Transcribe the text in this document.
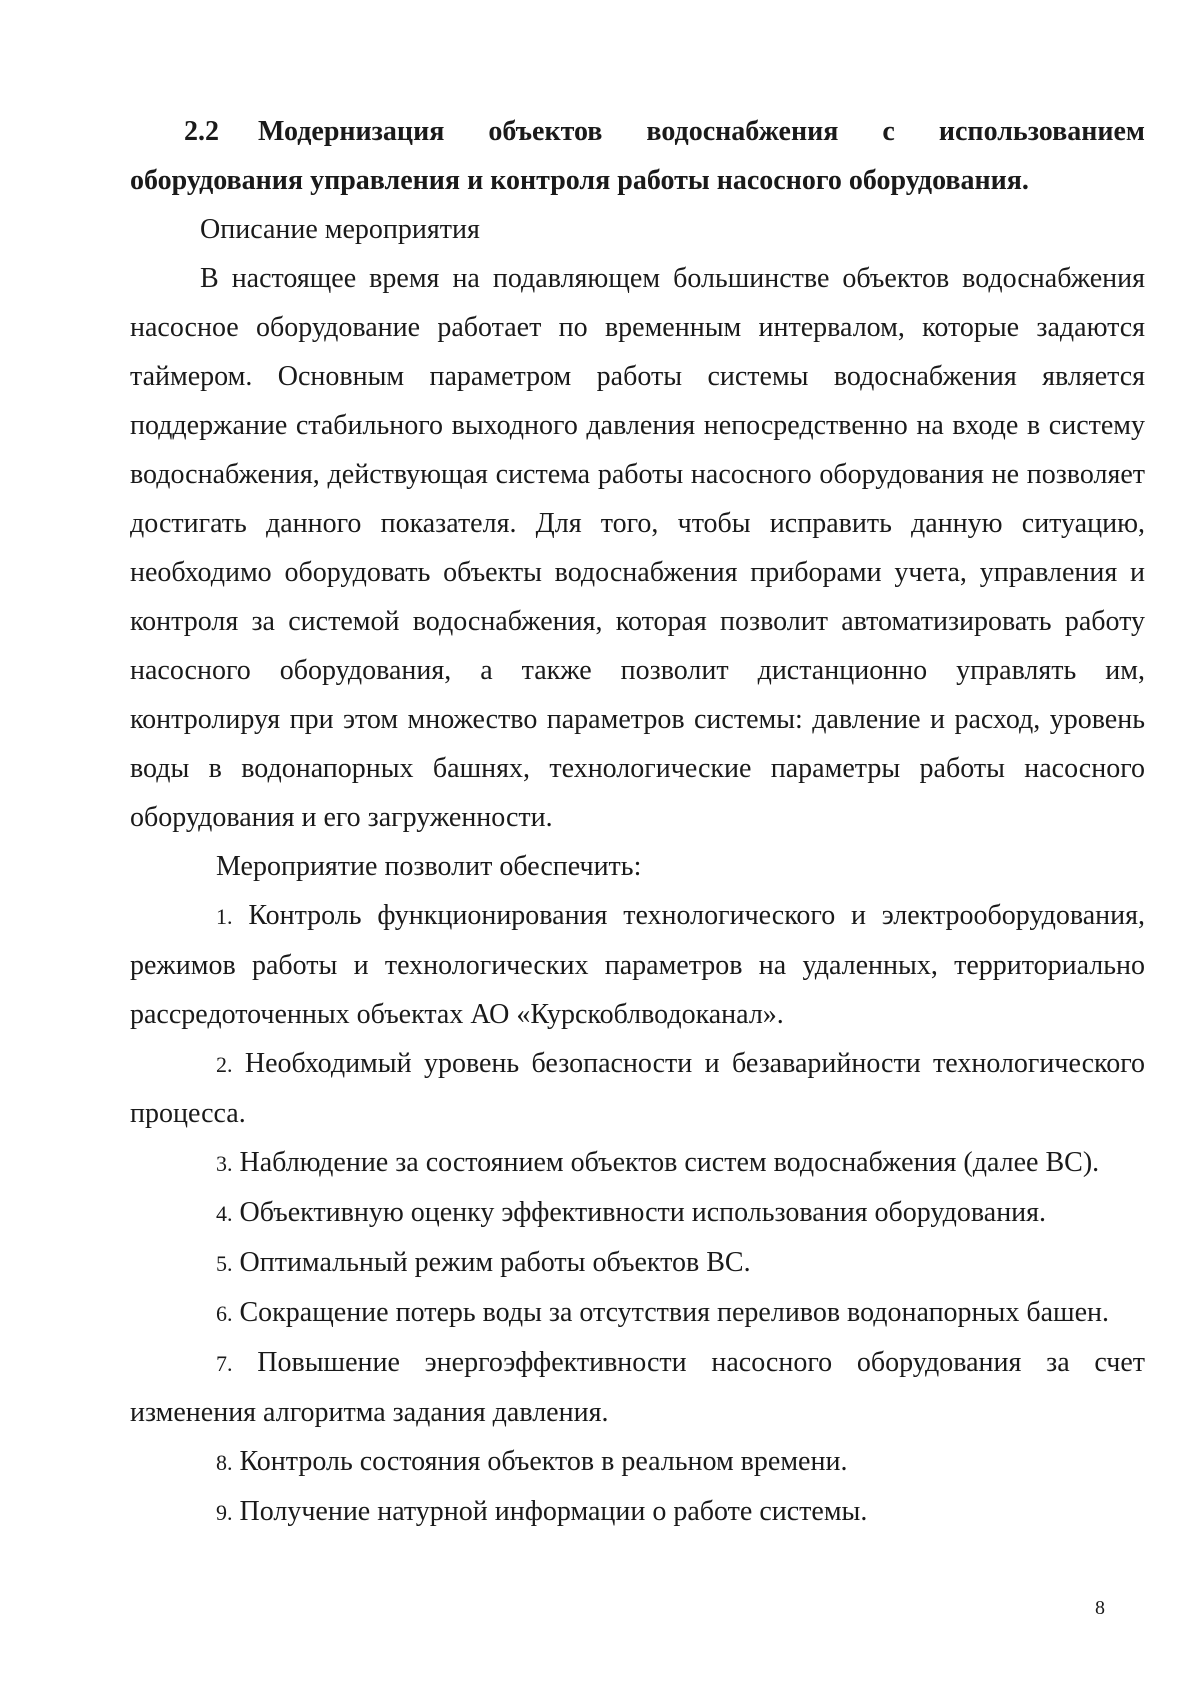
2.2 Модернизация объектов водоснабжения с использованием оборудования управления и контроля работы насосного оборудования.

Описание мероприятия

В настоящее время на подавляющем большинстве объектов водоснабжения насосное оборудование работает по временным интервалом, которые задаются таймером. Основным параметром работы системы водоснабжения является поддержание стабильного выходного давления непосредственно на входе в систему водоснабжения, действующая система работы насосного оборудования не позволяет достигать данного показателя. Для того, чтобы исправить данную ситуацию, необходимо оборудовать объекты водоснабжения приборами учета, управления и контроля за системой водоснабжения, которая позволит автоматизировать работу насосного оборудования, а также позволит дистанционно управлять им, контролируя при этом множество параметров системы: давление и расход, уровень воды в водонапорных башнях, технологические параметры работы насосного оборудования и его загруженности.

Мероприятие позволит обеспечить:

1. Контроль функционирования технологического и электрооборудования, режимов работы и технологических параметров на удаленных, территориально рассредоточенных объектах АО «Курскоблводоканал».

2. Необходимый уровень безопасности и безаварийности технологического процесса.

3. Наблюдение за состоянием объектов систем водоснабжения (далее ВС).

4. Объективную оценку эффективности использования оборудования.

5. Оптимальный режим работы объектов ВС.

6. Сокращение потерь воды за отсутствия переливов водонапорных башен.

7. Повышение энергоэффективности насосного оборудования за счет изменения алгоритма задания давления.

8. Контроль состояния объектов в реальном времени.

9. Получение натурной информации о работе системы.

8
